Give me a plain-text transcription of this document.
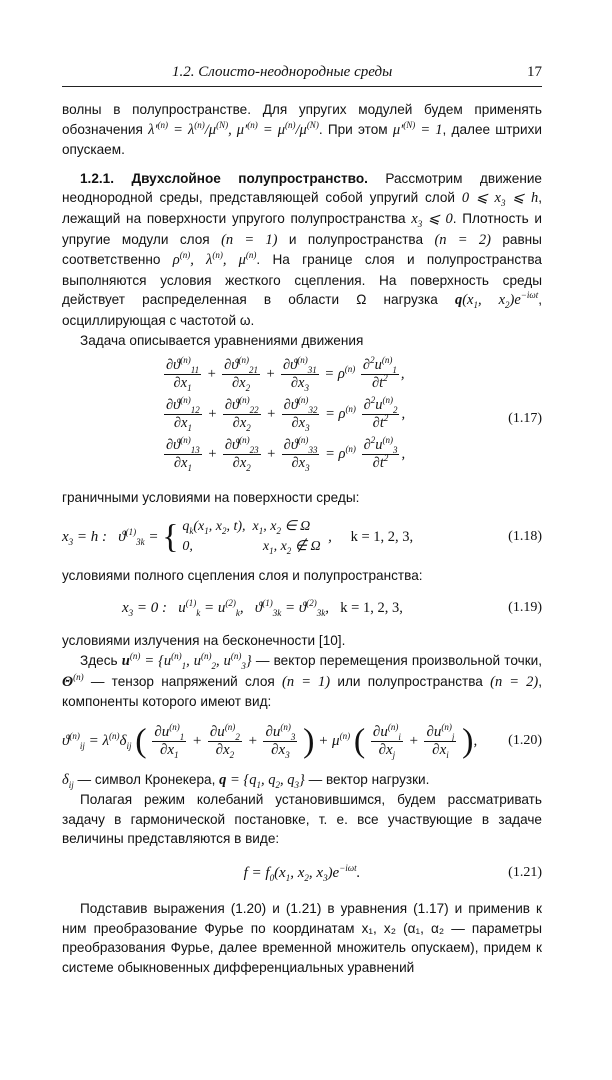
1.2. Слоисто-неоднородные среды	17

волны в полупространстве. Для упругих модулей будем применять обозначения $\lambda'^{(n)} = \lambda^{(n)}/\mu^{(N)}$, $\mu'^{(n)} = \mu^{(n)}/\mu^{(N)}$. При этом $\mu'^{(N)} = 1$, далее штрихи опускаем.

1.2.1. Двухслойное полупространство. Рассмотрим движение неоднородной среды, представляющей собой упругий слой 0 ⩽ $x_3$ ⩽ h, лежащий на поверхности упругого полупространства $x_3$ ⩽ 0. Плотность и упругие модули слоя (n = 1) и полупространства (n = 2) равны соответственно $\rho^{(n)}$, $\lambda^{(n)}$, $\mu^{(n)}$. На границе слоя и полупространства выполняются условия жесткого сцепления. На поверхность среды действует распределенная в области Ω нагрузка $q(x_1$, $x_2)e^{-i\omega t}$, осциллирующая с частотой ω.

Задача описывается уравнениями движения

$\frac{\partial ϑ^{(n)}_{11}}{\partial x_1} + \frac{\partial ϑ^{(n)}_{21}}{\partial x_2} + \frac{\partial ϑ^{(n)}_{31}}{\partial x_3} = \rho^{(n)} \frac{\partial^2u^{(n)}_1}{\partial t^2}$ ,
$\frac{\partial ϑ^{(n)}_{12}}{\partial x_1} + \frac{\partial ϑ^{(n)}_{22}}{\partial x_2} + \frac{\partial ϑ^{(n)}_{32}}{\partial x_3} = \rho^{(n)} \frac{\partial^2u^{(n)}_2}{\partial t^2}$ ,
$\frac{\partial ϑ^{(n)}_{13}}{\partial x_1} + \frac{\partial ϑ^{(n)}_{23}}{\partial x_2} + \frac{\partial ϑ^{(n)}_{33}}{\partial x_3} = \rho^{(n)} \frac{\partial^2u^{(n)}_3}{\partial t^2}$ ,
(1.17)

граничными условиями на поверхности среды:

$x_3 = h$ :   $ϑ^{(1)}_{3k}$ = { $q_k(x_1$, $x_2$, t),  $x_1$, $x_2$ ∈ Ω
0,                    $x_1$, $x_2$ ∉ Ω  ,     k = 1, 2, 3,	(1.18)

условиями полного сцепления слоя и полупространства:

$x_3 = 0$ :   $u^{(1)}_k = u^{(2)}_k$,   $ϑ^{(1)}_{3k} = ϑ^{(2)}_{3k}$,   k = 1, 2, 3,	(1.19)

условиями излучения на бесконечности [10].

Здесь $u^{(n)} = \{u^{(n)}_1$, $u^{(n)}_2$, $u^{(n)}_3$} — вектор перемещения произвольной точки, $\Theta^{(n)}$ — тензор напряжений слоя (n = 1) или полупространства (n = 2), компоненты которого имеют вид:

$ϑ^{(n)}_{ij} = \lambda^{(n)}\delta_{ij}$ ( $\frac{\partial u^{(n)}_1}{\partial x_1} + \frac{\partial u^{(n)}_2}{\partial x_2} + \frac{\partial u^{(n)}_3}{\partial x_3}$ ) + $\mu^{(n)}$ ( $\frac{\partial u^{(n)}_i}{\partial x_j} + \frac{\partial u^{(n)}_j}{\partial x_i}$ ), (1.20)

$\delta_{ij}$ — символ Кронекера, $q = \{q_1$, $q_2$, $q_3$} — вектор нагрузки.

Полагая режим колебаний установившимся, будем рассматривать задачу в гармонической постановке, т. е. все участвующие в задаче величины представляются в виде:

$f = f_0(x_1$, $x_2$, $x_3)e^{-i\omega t}$.	(1.21)

Подставив выражения (1.20) и (1.21) в уравнения (1.17) и применив к ним преобразование Фурье по координатам x₁, x₂ (α₁, α₂ — параметры преобразования Фурье, далее временной множитель опускаем), придем к системе обыкновенных дифференциальных уравнений
